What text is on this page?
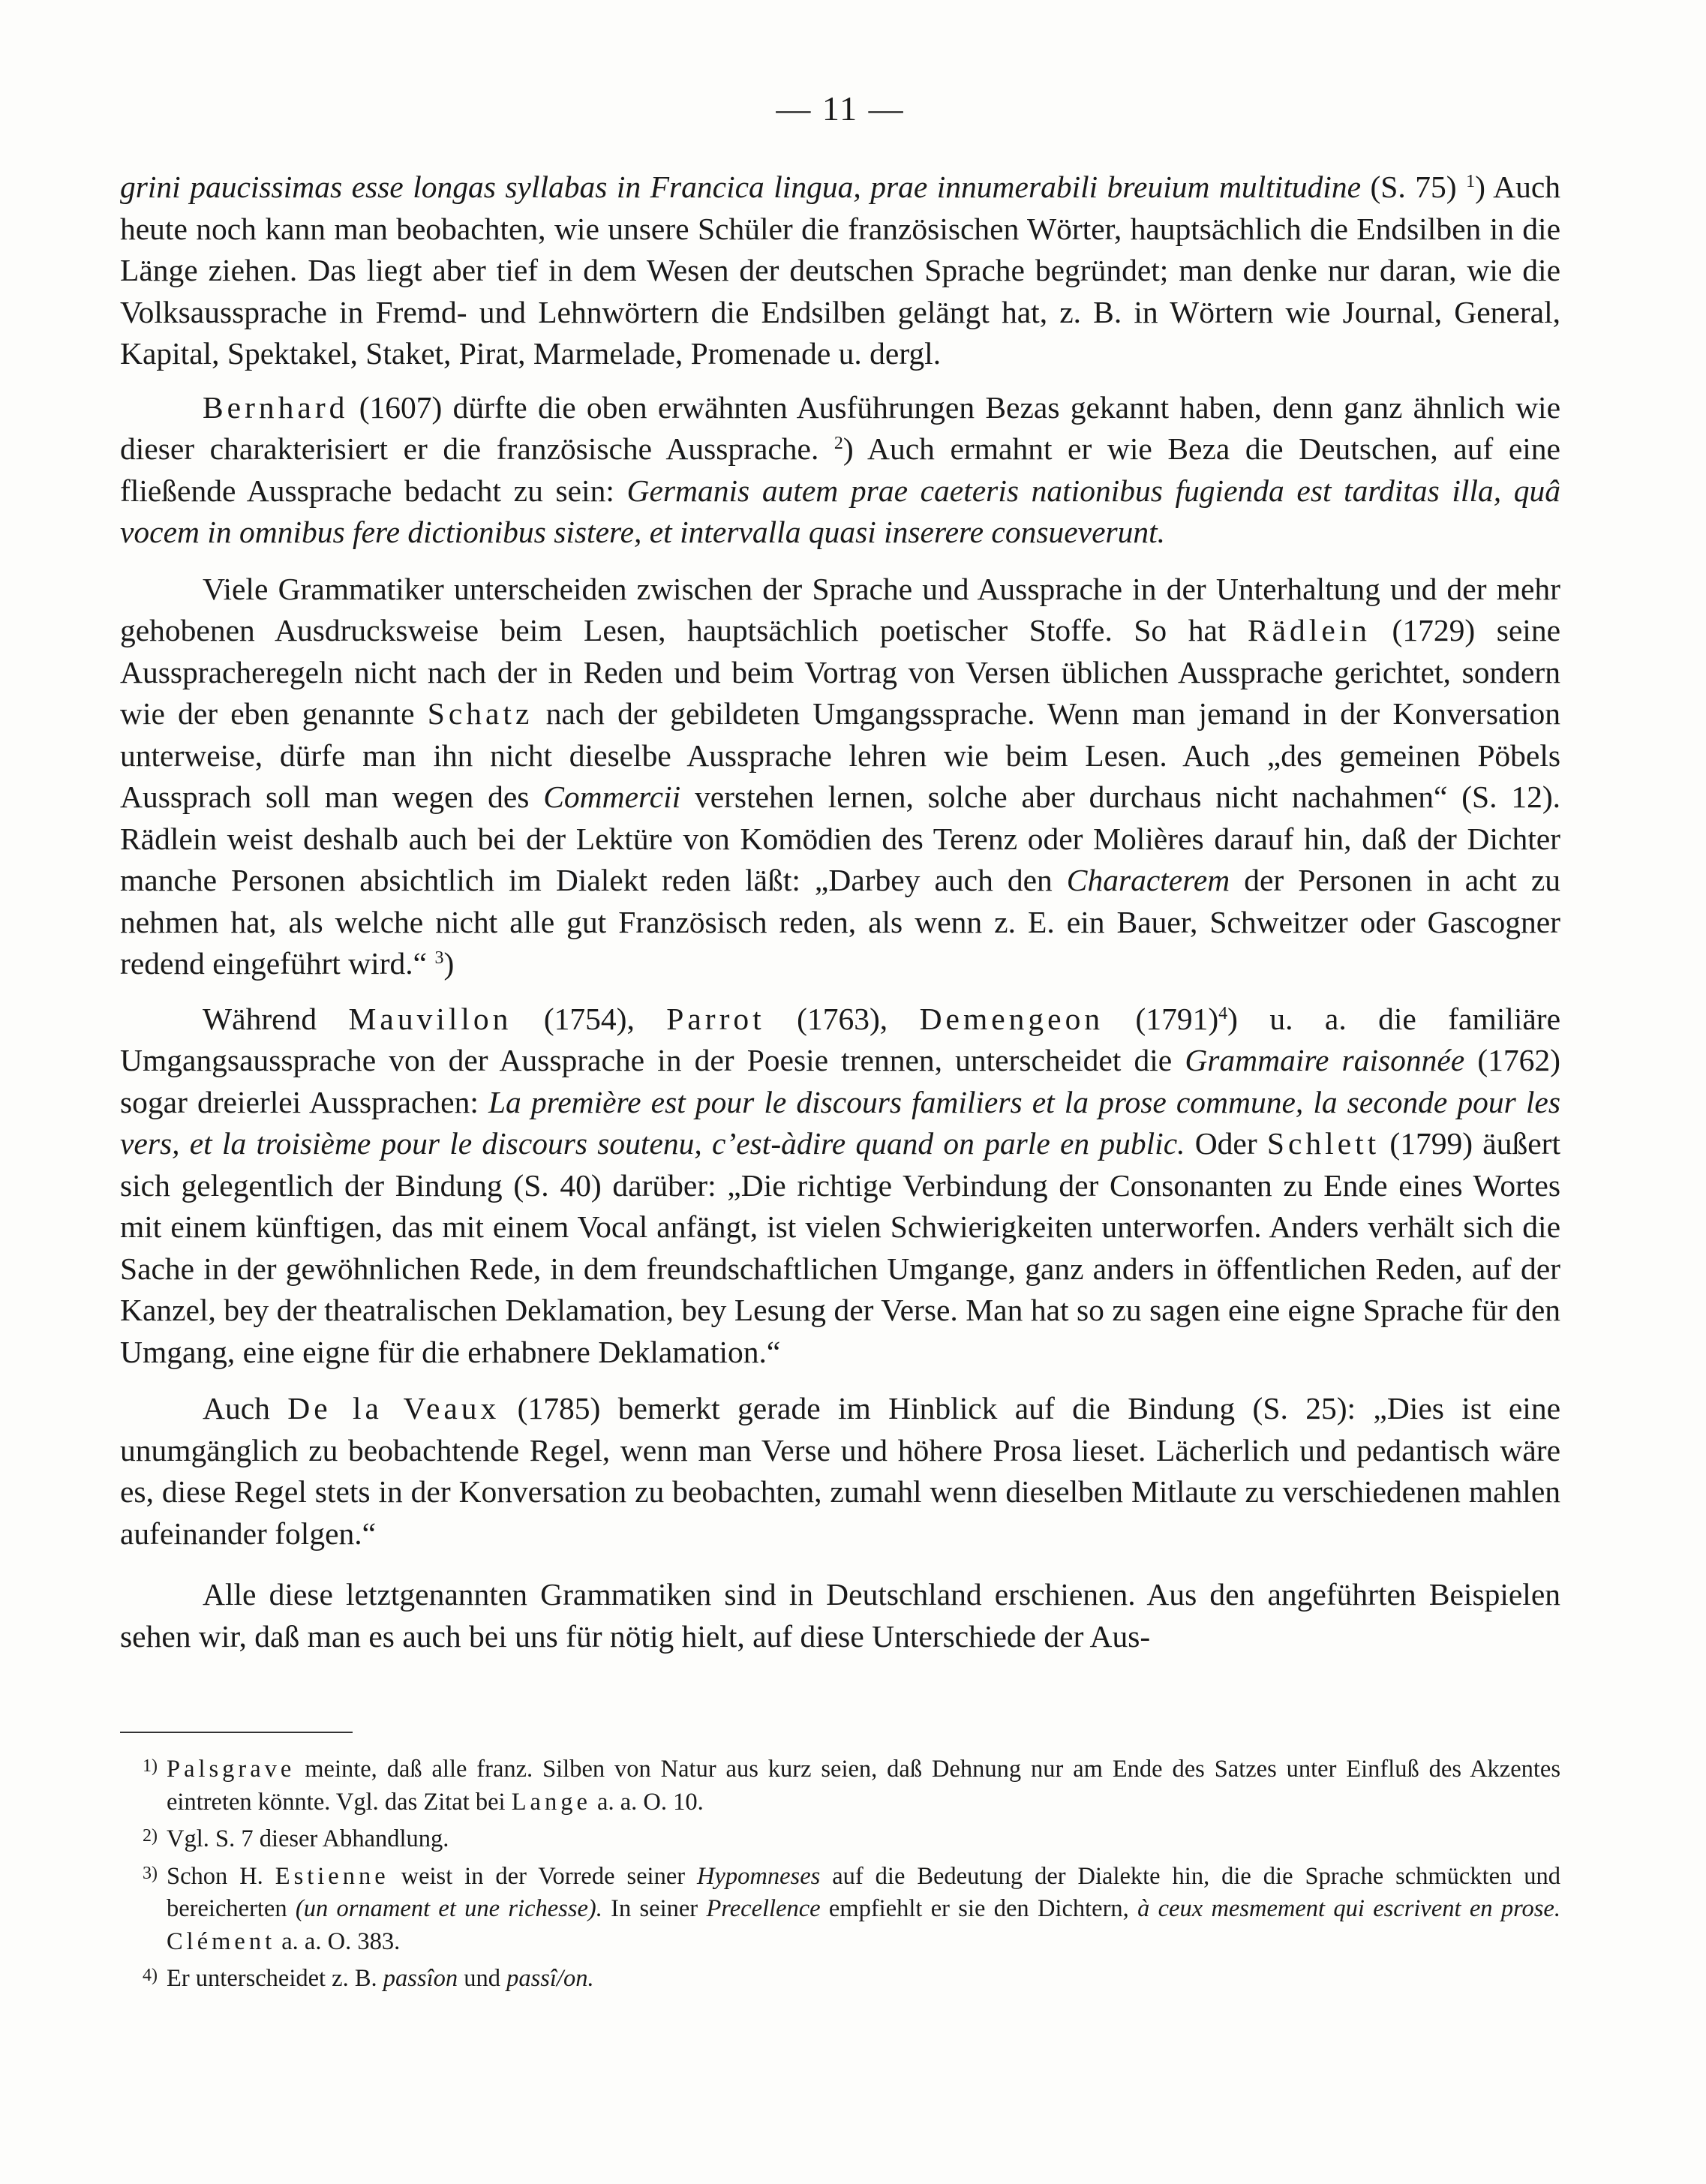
— 11 —

grini paucissimas esse longas syllabas in Francica lingua, prae innumerabili breuium multitudine (S. 75) $^1$) Auch heute noch kann man beobachten, wie unsere Schüler die französischen Wörter, hauptsächlich die Endsilben in die Länge ziehen. Das liegt aber tief in dem Wesen der deutschen Sprache begründet; man denke nur daran, wie die Volksaussprache in Fremd- und Lehnwörtern die Endsilben gelängt hat, z. B. in Wörtern wie Journal, General, Kapital, Spektakel, Staket, Pirat, Marmelade, Promenade u. dergl.

Bernhard (1607) dürfte die oben erwähnten Ausführungen Bezas gekannt haben, denn ganz ähnlich wie dieser charakterisiert er die französische Aussprache. $^2$) Auch ermahnt er wie Beza die Deutschen, auf eine fließende Aussprache bedacht zu sein: Germanis autem prae caeteris nationibus fugienda est tarditas illa, quâ vocem in omnibus fere dictionibus sistere, et intervalla quasi inserere consueverunt.

Viele Grammatiker unterscheiden zwischen der Sprache und Aussprache in der Unterhaltung und der mehr gehobenen Ausdrucksweise beim Lesen, hauptsächlich poetischer Stoffe. So hat Rädlein (1729) seine Ausspracheregeln nicht nach der in Reden und beim Vortrag von Versen üblichen Aussprache gerichtet, sondern wie der eben genannte Schatz nach der gebildeten Umgangssprache. Wenn man jemand in der Konversation unterweise, dürfe man ihn nicht dieselbe Aussprache lehren wie beim Lesen. Auch „des gemeinen Pöbels Aussprach soll man wegen des Commercii verstehen lernen, solche aber durchaus nicht nachahmen“ (S. 12). Rädlein weist deshalb auch bei der Lektüre von Komödien des Terenz oder Molières darauf hin, daß der Dichter manche Personen absichtlich im Dialekt reden läßt: „Darbey auch den Characterem der Personen in acht zu nehmen hat, als welche nicht alle gut Französisch reden, als wenn z. E. ein Bauer, Schweitzer oder Gascogner redend eingeführt wird.“ $^3$)

Während Mauvillon (1754), Parrot (1763), Demengeon $(1791)^4$) u. a. die familiäre Umgangsaussprache von der Aussprache in der Poesie trennen, unterscheidet die Grammaire raisonnée (1762) sogar dreierlei Aussprachen: La première est pour le discours familiers et la prose commune, la seconde pour les vers, et la troisième pour le discours soutenu, c’est-àdire quand on parle en public. Oder Schlett (1799) äußert sich gelegentlich der Bindung (S. 40) darüber: „Die richtige Verbindung der Consonanten zu Ende eines Wortes mit einem künftigen, das mit einem Vocal anfängt, ist vielen Schwierigkeiten unterworfen. Anders verhält sich die Sache in der gewöhnlichen Rede, in dem freundschaftlichen Umgange, ganz anders in öffentlichen Reden, auf der Kanzel, bey der theatralischen Deklamation, bey Lesung der Verse. Man hat so zu sagen eine eigne Sprache für den Umgang, eine eigne für die erhabnere Deklamation.“

Auch De la Veaux (1785) bemerkt gerade im Hinblick auf die Bindung (S. 25): „Dies ist eine unumgänglich zu beobachtende Regel, wenn man Verse und höhere Prosa lieset. Lächerlich und pedantisch wäre es, diese Regel stets in der Konversation zu beobachten, zumahl wenn dieselben Mitlaute zu verschiedenen mahlen aufeinander folgen.“

Alle diese letztgenannten Grammatiken sind in Deutschland erschienen. Aus den angeführten Beispielen sehen wir, daß man es auch bei uns für nötig hielt, auf diese Unterschiede der Aus-

1) Palsgrave meinte, daß alle franz. Silben von Natur aus kurz seien, daß Dehnung nur am Ende des Satzes unter Einfluß des Akzentes eintreten könnte. Vgl. das Zitat bei Lange a. a. O. 10.
2) Vgl. S. 7 dieser Abhandlung.
3) Schon H. Estienne weist in der Vorrede seiner Hypomneses auf die Bedeutung der Dialekte hin, die die Sprache schmückten und bereicherten (un ornament et une richesse). In seiner Precellence empfiehlt er sie den Dichtern, à ceux mesmement qui escrivent en prose. Clément a. a. O. 383.
4) Er unterscheidet z. B. passîon und passî/on.
